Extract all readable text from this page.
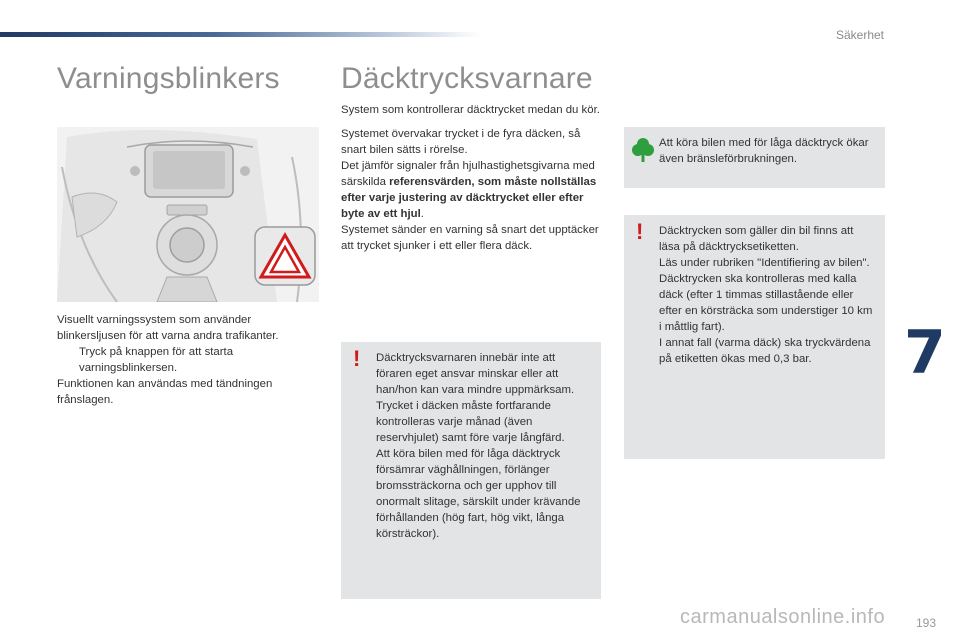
Säkerhet
Varningsblinkers Däcktrycksvarnare

Visuellt varningssystem som använder blinkersljusen för att varna andra trafikanter.

Tryck på knappen för att starta varningsblinkersen.

Funktionen kan användas med tändningen frånslagen.

System som kontrollerar däcktrycket medan du kör.

Systemet övervakar trycket i de fyra däcken, så snart bilen sätts i rörelse.

Det jämför signaler från hjulhastighetsgivarna med särskilda referensvärden, som måste nollställas efter varje justering av däcktrycket eller efter byte av ett hjul.

Systemet sänder en varning så snart det upptäcker att trycket sjunker i ett eller flera däck.

! Däcktrycksvarnaren innebär inte att föraren eget ansvar minskar eller att han/hon kan vara mindre uppmärksam.

Trycket i däcken måste fortfarande kontrolleras varje månad (även reservhjulet) samt före varje långfärd.

Att köra bilen med för låga däcktryck försämrar väghållningen, förlänger bromssträckorna och ger upphov till onormalt slitage, särskilt under krävande förhållanden (hög fart, hög vikt, långa körsträckor).

Att köra bilen med för låga däcktryck ökar även bränsleförbrukningen.
! Däcktrycken som gäller din bil finns att läsa på däcktrycksetiketten.

Läs under rubriken "Identifiering av bilen".

Däcktrycken ska kontrolleras med kalla däck (efter 1 timmas stillastående eller efter en körsträcka som understiger 10 km i måttlig fart).

I annat fall (varma däck) ska tryckvärdena på etiketten ökas med 0,3 bar.	7
carmanualsonline.info	193
